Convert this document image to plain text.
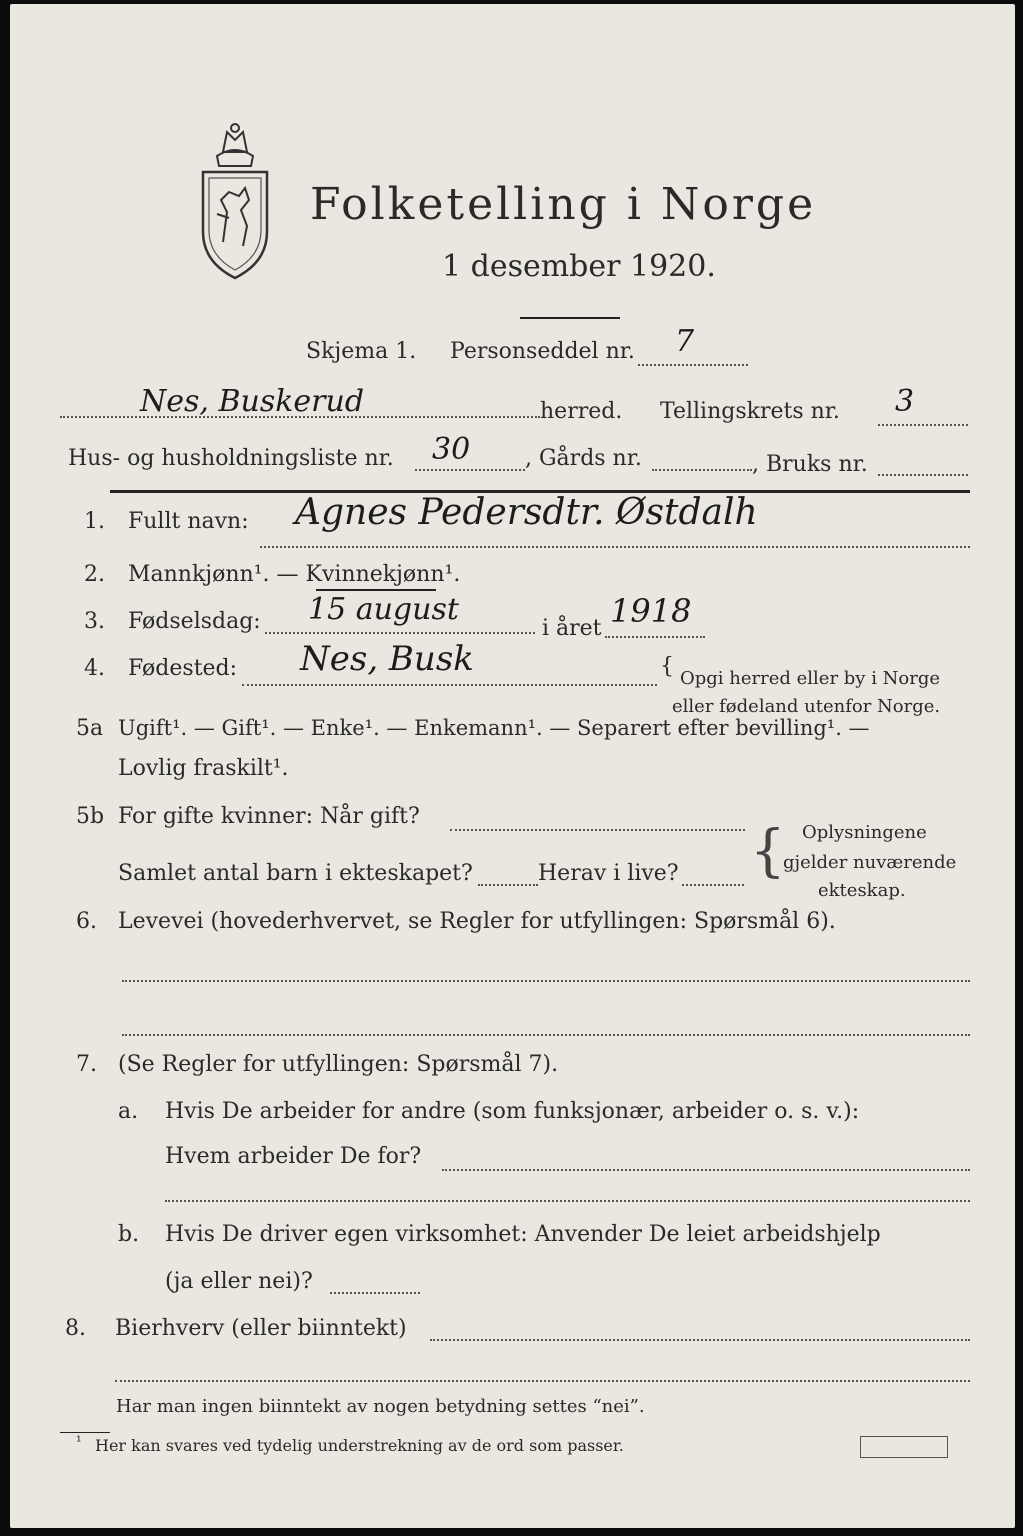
Folketelling i Norge
1 desember 1920.
Skjema 1. Personseddel nr. 7
Nes, Buskerud	herred. Tellingskrets nr. 3
Hus- og husholdningsliste nr. 30 , Gårds nr.	, Bruks nr.
1. Fullt navn: Agnes Pedersdtr. Østdalh
2. Mannkjønn¹. — Kvinnekjønn¹.
3. Fødselsdag: 15 august
i året 1918
4. Fødested: Nes, Busk	{ Opgi herred eller by i Norge
eller fødeland utenfor Norge.
5a Ugift¹. — Gift¹. — Enke¹. — Enkemann¹. — Separert efter bevilling¹. —
Lovlig fraskilt¹.
5b For gifte kvinner: Når gift?
Samlet antal barn i ekteskapet?	Herav i live? { Oplysningene
gjelder nuværende
ekteskap.
6. Levevei (hovederhvervet, se Regler for utfyllingen: Spørsmål 6).
7. (Se Regler for utfyllingen: Spørsmål 7).
a. Hvis De arbeider for andre (som funksjonær, arbeider o. s. v.):
Hvem arbeider De for?
b. Hvis De driver egen virksomhet: Anvender De leiet arbeidshjelp
(ja eller nei)?
8. Bierhverv (eller biinntekt)
Har man ingen biinntekt av nogen betydning settes “nei”.
¹ Her kan svares ved tydelig understrekning av de ord som passer.
